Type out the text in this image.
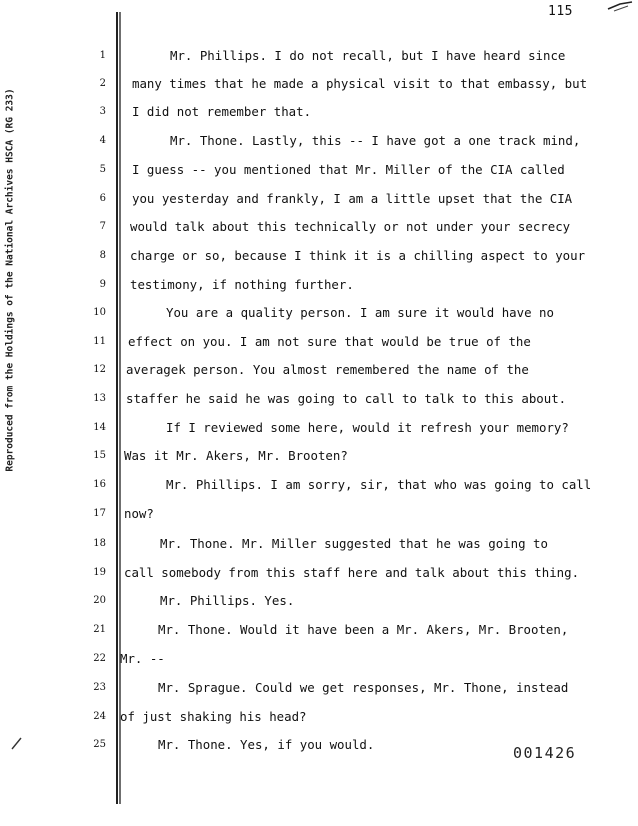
115
Reproduced from the Holdings of the National Archives HSCA (RG 233)
1	Mr. Phillips. I do not recall, but I have heard since
2 many times that he made a physical visit to that embassy, but
3 I did not remember that.
4	Mr. Thone. Lastly, this -- I have got a one track mind,
5 I guess -- you mentioned that Mr. Miller of the CIA called
6 you yesterday and frankly, I am a little upset that the CIA
7 would talk about this technically or not under your secrecy
8 charge or so, because I think it is a chilling aspect to your
9 testimony, if nothing further.
10	You are a quality person. I am sure it would have no
11 effect on you. I am not sure that would be true of the
12 averagek person. You almost remembered the name of the
13 staffer he said he was going to call to talk to this about.
14	If I reviewed some here, would it refresh your memory?
15 Was it Mr. Akers, Mr. Brooten?
16	Mr. Phillips. I am sorry, sir, that who was going to call
17 now?
18	Mr. Thone. Mr. Miller suggested that he was going to
19 call somebody from this staff here and talk about this thing.
20	Mr. Phillips. Yes.
21	Mr. Thone. Would it have been a Mr. Akers, Mr. Brooten,
22 Mr. --
23	Mr. Sprague. Could we get responses, Mr. Thone, instead
24 of just shaking his head?
25	Mr. Thone. Yes, if you would.	001426
